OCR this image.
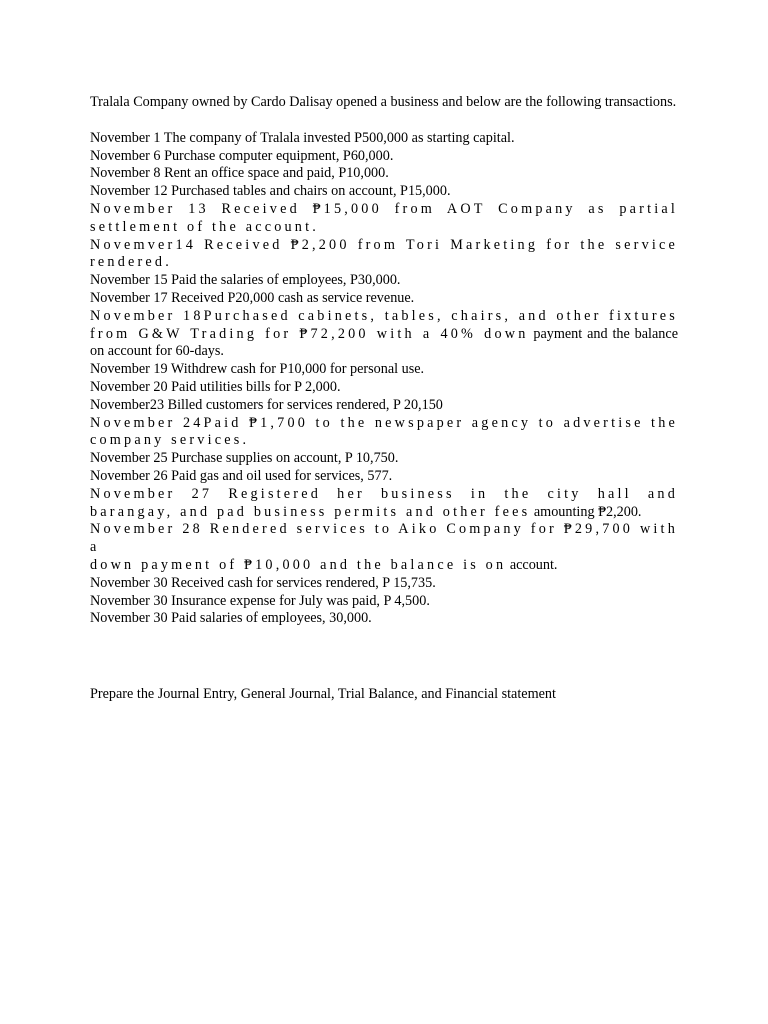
Tralala Company owned by Cardo Dalisay opened a business and below are the following transactions.

November 1 The company of Tralala invested P500,000 as starting capital.
November 6 Purchase computer equipment, P60,000.
November 8 Rent an office space and paid, P10,000.
November 12 Purchased tables and chairs on account, P15,000.
November 13 Received ₱15,000 from AOT Company as partial
settlement of the account.
Novemver14 Received ₱2,200 from Tori Marketing for the service
rendered.
November 15 Paid the salaries of employees, P30,000.
November 17 Received P20,000 cash as service revenue.
November 18Purchased cabinets, tables, chairs, and other fixtures
from G&W Trading for ₱72,200 with a 40% down payment and the balance
on account for 60-days.
November 19 Withdrew cash for P10,000 for personal use.
November 20 Paid utilities bills for P 2,000.
November23 Billed customers for services rendered, P 20,150
November 24Paid ₱1,700 to the newspaper agency to advertise the
company services.
November 25 Purchase supplies on account, P 10,750.
November 26 Paid gas and oil used for services, 577.
November 27 Registered her business in the city hall and
barangay, and pad business permits and other fees amounting ₱2,200.
November 28 Rendered services to Aiko Company for ₱29,700 with a
down payment of ₱10,000 and the balance is on account.
November 30 Received cash for services rendered, P 15,735.
November 30 Insurance expense for July was paid, P 4,500.
November 30 Paid salaries of employees, 30,000.
Prepare the Journal Entry, General Journal, Trial Balance, and Financial statement
